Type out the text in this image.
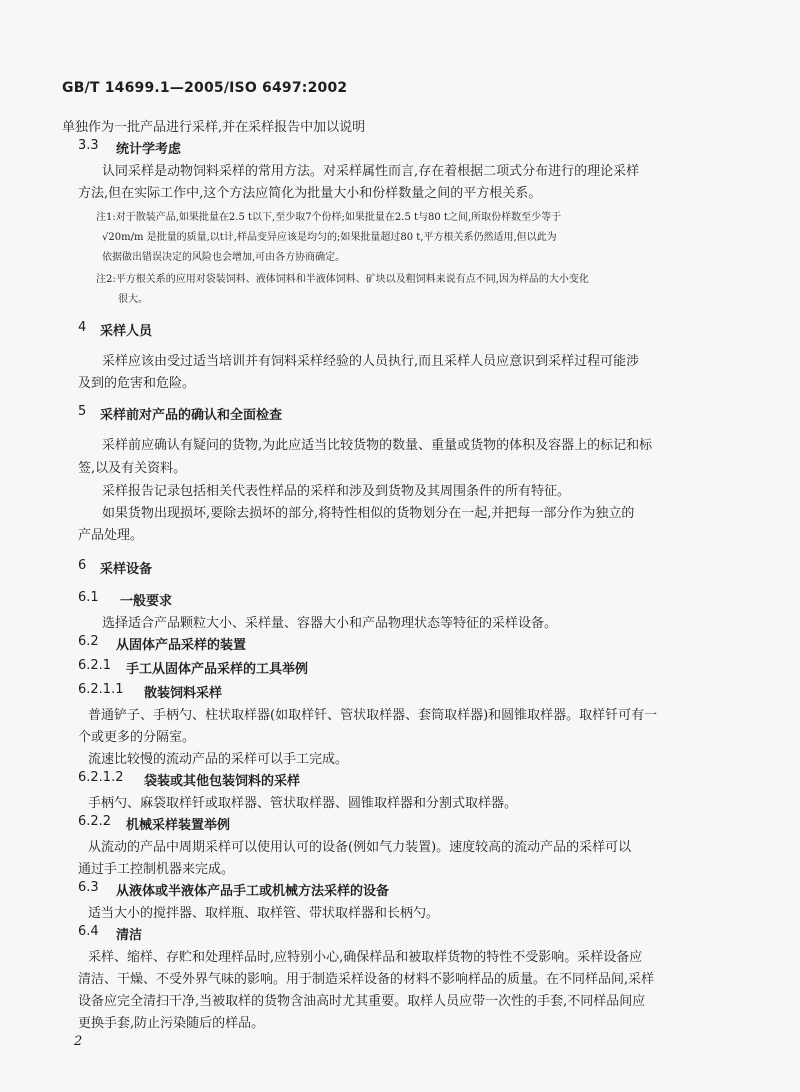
GB/T 14699.1—2005/ISO 6497:2002
单独作为一批产品进行采样,并在采样报告中加以说明
3.3 统计学考虑
认同采样是动物饲料采样的常用方法。对采样属性而言,存在着根据二项式分布进行的理论采样
方法,但在实际工作中,这个方法应简化为批量大小和份样数量之间的平方根关系。
注1:对于散装产品,如果批量在2.5 t以下,至少取7个份样;如果批量在2.5 t与80 t之间,所取份样数至少等于
√20m/m 是批量的质量,以t计,样品变异应该是均匀的;如果批量超过80 t,平方根关系仍然适用,但以此为
依据做出错误决定的风险也会增加,可由各方协商确定。
注2:平方根关系的应用对袋装饲料、液体饲料和半液体饲料、矿块以及粗饲料来说有点不同,因为样品的大小变化
很大。
4 采样人员
采样应该由受过适当培训并有饲料采样经验的人员执行,而且采样人员应意识到采样过程可能涉
及到的危害和危险。
5 采样前对产品的确认和全面检查
采样前应确认有疑问的货物,为此应适当比较货物的数量、重量或货物的体积及容器上的标记和标
签,以及有关资料。
采样报告记录包括相关代表性样品的采样和涉及到货物及其周围条件的所有特征。
如果货物出现损坏,要除去损坏的部分,将特性相似的货物划分在一起,并把每一部分作为独立的
产品处理。
6 采样设备
6.1 一般要求
选择适合产品颗粒大小、采样量、容器大小和产品物理状态等特征的采样设备。
6.2 从固体产品采样的装置
6.2.1 手工从固体产品采样的工具举例
6.2.1.1 散装饲料采样
普通铲子、手柄勺、柱状取样器(如取样钎、管状取样器、套筒取样器)和圆锥取样器。取样钎可有一
个或更多的分隔室。
流速比较慢的流动产品的采样可以手工完成。
6.2.1.2 袋装或其他包装饲料的采样
手柄勺、麻袋取样钎或取样器、管状取样器、圆锥取样器和分割式取样器。
6.2.2 机械采样装置举例
从流动的产品中周期采样可以使用认可的设备(例如气力装置)。速度较高的流动产品的采样可以
通过手工控制机器来完成。
6.3 从液体或半液体产品手工或机械方法采样的设备
适当大小的搅拌器、取样瓶、取样管、带状取样器和长柄勺。
6.4 清洁
采样、缩样、存贮和处理样品时,应特别小心,确保样品和被取样货物的特性不受影响。采样设备应
清洁、干燥、不受外界气味的影响。用于制造采样设备的材料不影响样品的质量。在不同样品间,采样
设备应完全清扫干净,当被取样的货物含油高时尤其重要。取样人员应带一次性的手套,不同样品间应
更换手套,防止污染随后的样品。
2
